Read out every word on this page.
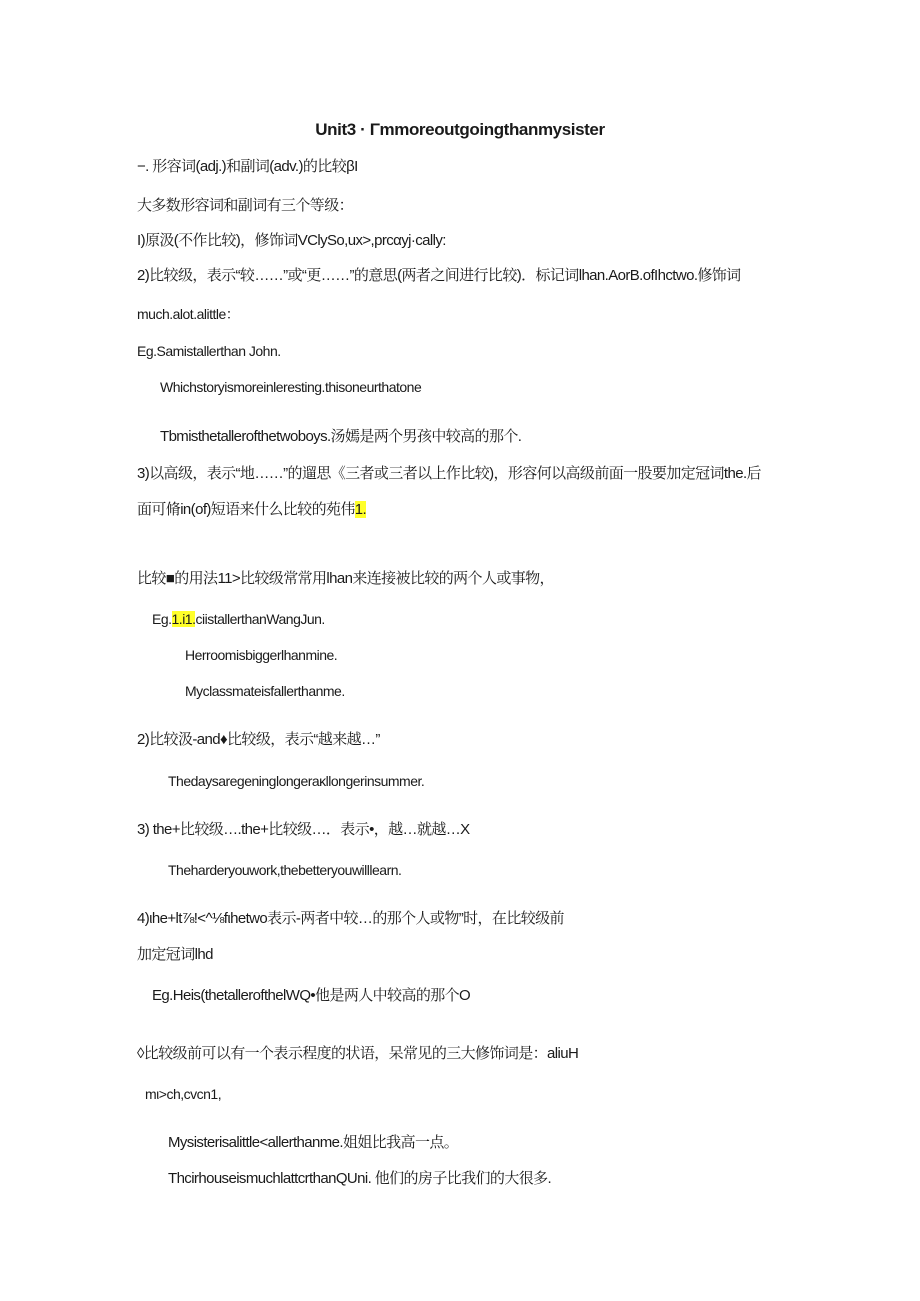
Unit3 · Γmmoreoutgoingthanmysister
−. 形容词(adj.)和副词(adv.)的比较βI
大多数形容词和副词有三个等级：
I)原汲(不作比较)，修饰词VClySo,ux>,prcαyj·cally:
2)比较级，表示“较……”或“更……”的意思(两者之间进行比较)．标记词lhan.AorB.ofIhctwo.修饰词
much.alot.alittle：
Eg.Samistallerthan John.
Whichstoryismoreinleresting.thisoneurthatone
Tbmisthetallerofthetwoboys.汤嫣是两个男孩中较高的那个.
3)以高级，表示“地……”的遛思《三者或三者以上作比较)，形容何以高级前面一股要加定冠词the.后
面可脩in(of)短语来什么比较的苑伟1.
比较■的用法11>比较级常常用lhan来连接被比较的两个人或事物，
Eg.1.i1.ciistallerthanWangJun.
Herroomisbiggerlhanmine.
Myclassmateisfallerthanme.
2)比较汲-and♦比较级，表示“越来越…”
Thedaysaregeninglongeraκllongerinsummer.
3) the+比较级….the+比较级…．表示•，越…就越…X
Theharderyouwork,thebetteryouwilllearn.
4)ιhe+lt⅞!<^⅛fιhetwo表示-两者中较…的那个人或物”时，在比较级前
加定冠词lhd
Eg.Heis(thetallerofthelWQ•他是两人中较高的那个O
◊比较级前可以有一个表示程度的状语，呆常见的三大修饰词是：aliuH
mι>ch,cvcn1,
Mysisterisalittle<allerthanme.姐姐比我高一点。
ThcirhouseismuchlattcrthanQUni. 他们的房子比我们的大很多.
